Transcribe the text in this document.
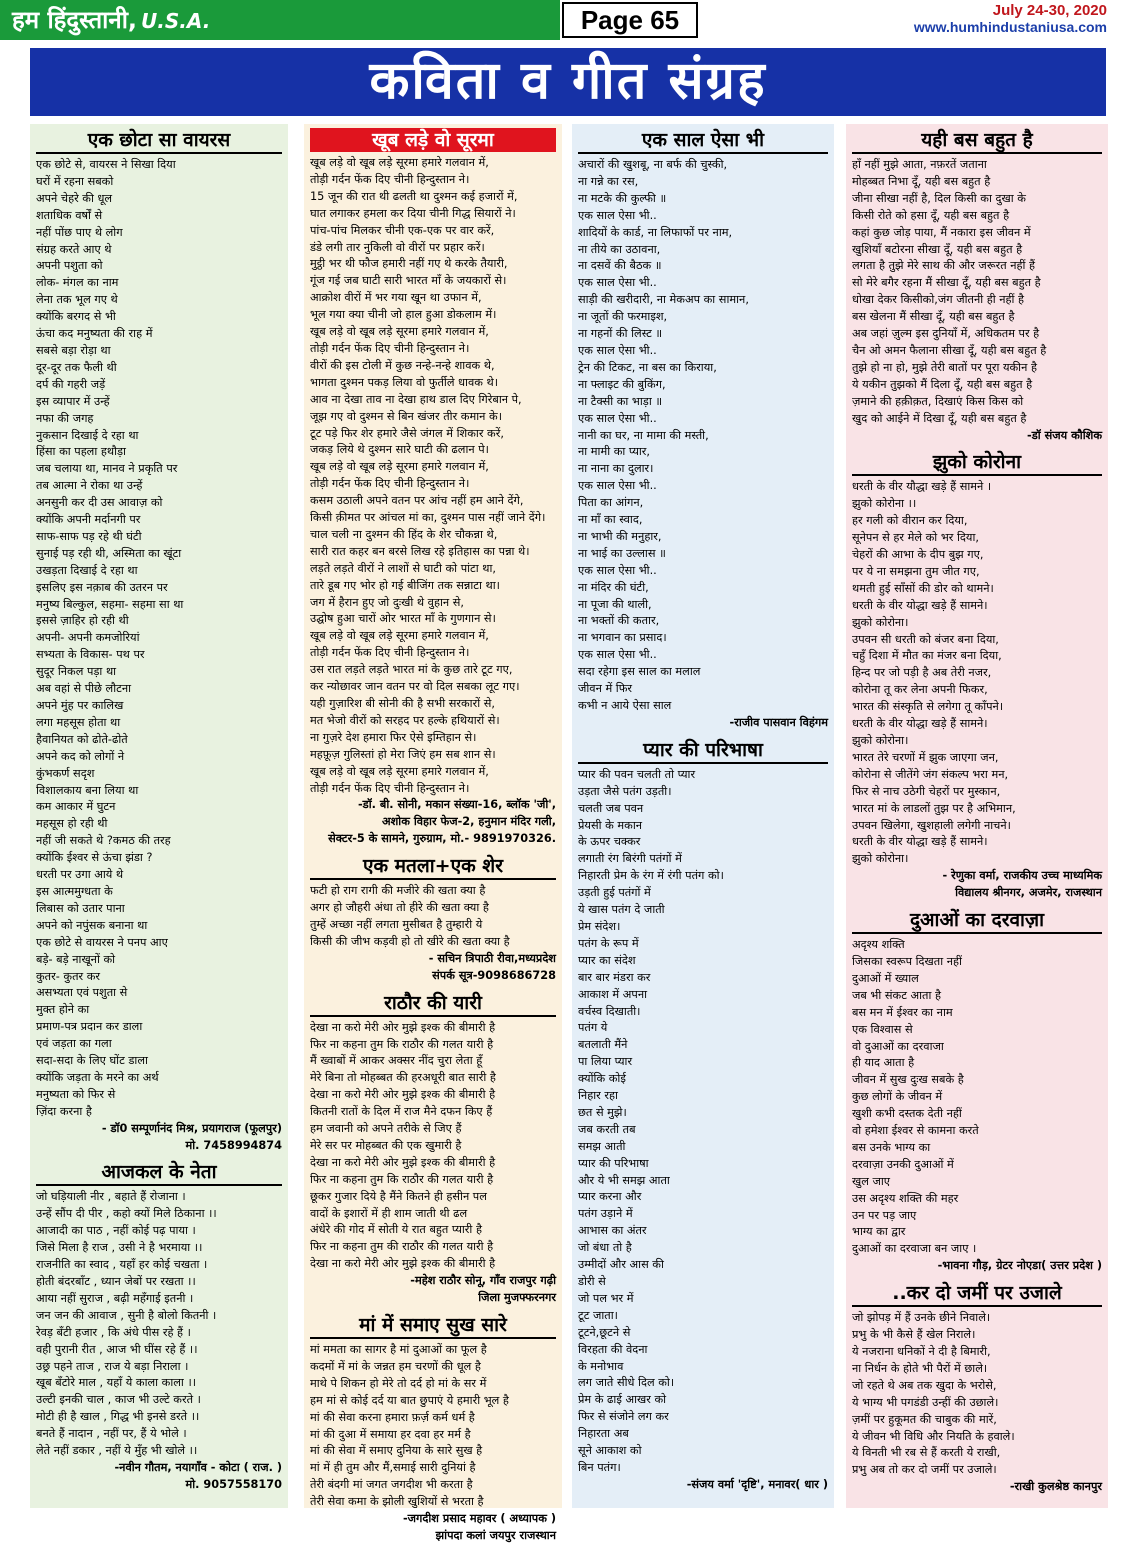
हम हिंदुस्तानी, U.S.A.	Page 65	July 24-30, 2020
www.humhindustaniusa.com
कविता व गीत संग्रह
एक छोटा सा वायरस
एक छोटे से, वायरस ने सिखा दिया
घरों में रहना सबको
अपने चेहरे की धूल
शताधिक वर्षों से
नहीं पोंछ पाए थे लोग
संग्रह करते आए थे
अपनी पशुता को
लोक- मंगल का नाम
लेना तक भूल गए थे
क्योंकि बरगद से भी
ऊंचा कद मनुष्यता की राह में
सबसे बड़ा रोड़ा था
दूर-दूर तक फैली थी
दर्प की गहरी जड़ें
इस व्यापार में उन्हें
नफा की जगह
नुकसान दिखाई दे रहा था
हिंसा का पहला हथौड़ा
जब चलाया था, मानव ने प्रकृति पर
तब आत्मा ने रोका था उन्हें
अनसुनी कर दी उस आवाज़ को
क्योंकि अपनी मर्दानगी पर
साफ-साफ पड़ रहे थी घंटी
सुनाई पड़ रही थी, अस्मिता का खूंटा
उखड़ता दिखाई दे रहा था
इसलिए इस नक़ाब की उतरन पर
मनुष्य बिल्कुल, सहमा- सहमा सा था
इससे ज़ाहिर हो रही थी
अपनी- अपनी कमजोरियां
सभ्यता के विकास- पथ पर
सुदूर निकल पड़ा था
अब वहां से पीछे लौटना
अपने मुंह पर कालिख
लगा महसूस होता था
हैवानियत को ढोते-ढोते
अपने कद को लोगों ने
कुंभकर्ण सदृश
विशालकाय बना लिया था
कम आकार में घुटन
महसूस हो रही थी
नहीं जी सकते थे ?कमठ की तरह
क्योंकि ईश्वर से ऊंचा झंडा ?
धरती पर उगा आये थे
इस आत्ममुग्धता के
लिबास को उतार पाना
अपने को नपुंसक बनाना था
एक छोटे से वायरस ने पनप आए
बड़े- बड़े नाखूनों को
कुतर- कुतर कर
असभ्यता एवं पशुता से
मुक्त होने का
प्रमाण-पत्र प्रदान कर डाला
एवं जड़ता का गला
सदा-सदा के लिए घोंट डाला
क्योंकि जड़ता के मरने का अर्थ
मनुष्यता को फिर से
ज़िंदा करना है
- डॉ0 सम्पूर्णानंद मिश्र, प्रयागराज (फूलपुर)
मो. 7458994874
आजकल के नेता
जो घड़ियाली नीर , बहाते हैं रोजाना ।
उन्हें सौंप दी पीर , कहो क्यों मिले ठिकाना ।।
आजादी का पाठ , नहीं कोई पढ़ पाया ।
जिसे मिला है राज , उसी ने है भरमाया ।।
राजनीति का स्वाद , यहाँ हर कोई चखता ।
होती बंदरबाँट , ध्यान जेबों पर रखता ।।
आया नहीं सुराज , बढ़ी महँगाई इतनी ।
जन जन की आवाज , सुनी है बोलो कितनी ।
रेवड़ बँटी हजार , कि अंधे पीस रहे हैं ।
वही पुरानी रीत , आज भी घींस रहे हैं ।।
उछ्र पहने ताज , राज ये बड़ा निराला ।
खूब बँटोरे माल , यहाँ ये काला काला ।।
उल्टी इनकी चाल , काज भी उल्टे करते ।
मोटी ही है खाल , गिद्ध भी इनसे डरते ।।
बनते हैं नादान , नहीं पर, हैं ये भोले ।
लेते नहीं डकार , नहीं ये मुँह भी खोले ।।
-नवीन गौतम, नयागाँव - कोटा ( राज. )
मो. 9057558170
खूब लड़े वो सूरमा
खूब लड़े वो खूब लड़े सूरमा हमारे गलवान में,
तोड़ी गर्दन फेंक दिए चीनी हिन्दुस्तान ने।
15 जून की रात थी ढलती था दुश्मन कई हजारों में,
घात लगाकर हमला कर दिया चीनी गिद्ध सियारों ने।
पांच-पांच मिलकर चीनी एक-एक पर वार करें,
डंडे लगी तार नुकिली वो वीरों पर प्रहार करें।
मुट्ठी भर थी फौज हमारी नहीं गए थे करके तैयारी,
गूंज गई जब घाटी सारी भारत माँ के जयकारों से।
आक्रोश वीरों में भर गया खून था उफान में,
भूल गया क्या चीनी जो हाल हुआ डोकलाम में।
खूब लड़े वो खूब लड़े सूरमा हमारे गलवान में,
तोड़ी गर्दन फेंक दिए चीनी हिन्दुस्तान ने।
वीरों की इस टोली में कुछ नन्हे-नन्हे शावक थे,
भागता दुश्मन पकड़ लिया वो फुर्तीले धावक थे।
आव ना देखा ताव ना देखा हाथ डाल दिए गिरेबान पे,
जूझ गए वो दुश्मन से बिन खंजर तीर कमान के।
टूट पड़े फिर शेर हमारे जैसे जंगल में शिकार करें,
जकड़ लिये थे दुश्मन सारे घाटी की ढलान पे।
खूब लड़े वो खूब लड़े सूरमा हमारे गलवान में,
तोड़ी गर्दन फेंक दिए चीनी हिन्दुस्तान ने।
कसम उठाली अपने वतन पर आंच नहीं हम आने देंगे,
किसी क़ीमत पर आंचल मां का, दुश्मन पास नहीं जाने देंगे।
चाल चली ना दुश्मन की हिंद के शेर चौकन्ना थे,
सारी रात कहर बन बरसे लिख रहे इतिहास का पन्ना थे।
लड़ते लड़ते वीरों ने लाशों से घाटी को पांटा था,
तारे डूब गए भोर हो गई बीजिंग तक सन्नाटा था।
जग में हैरान हुए जो दुःखी थे वुहान से,
उद्घोष हुआ चारों ओर भारत माँ के गुणगान से।
खूब लड़े वो खूब लड़े सूरमा हमारे गलवान में,
तोड़ी गर्दन फेंक दिए चीनी हिन्दुस्तान ने।
उस रात लड़ते लड़ते भारत मां के कुछ तारे टूट गए,
कर न्योछावर जान वतन पर वो दिल सबका लूट गए।
यही गुज़ारिश बी सोनी की है सभी सरकारों से,
मत भेजो वीरों को सरहद पर हल्के हथियारों से।
ना गुज़रे देश हमारा फिर ऐसे इम्तिहान से।
महफ़ूज़ गुलिस्तां हो मेरा जिएं हम सब शान से।
खूब लड़े वो खूब लड़े सूरमा हमारे गलवान में,
तोड़ी गर्दन फेंक दिए चीनी हिन्दुस्तान ने।
-डॉ. बी. सोनी, मकान संख्या-16, ब्लॉक 'जी',
अशोक विहार फेज-2, हनुमान मंदिर गली,
सेक्टर-5 के सामने, गुरुग्राम, मो.- 9891970326.
एक मतला+एक शेर
फटी हो राग रागी की मजीरे की खता क्या है
अगर हो जौहरी अंधा तो हीरे की खता क्या है
तुम्हें अच्छा नहीं लगता मुसीबत है तुम्हारी ये
किसी की जीभ कड़वी हो तो खीरे की खता क्या है
- सचिन त्रिपाठी रीवा,मध्यप्रदेश
संपर्क सूत्र-9098686728
राठौर की यारी
देखा ना करो मेरी ओर मुझे इश्क की बीमारी है
फिर ना कहना तुम कि राठौर की गलत यारी है
मैं ख्वाबों में आकर अक्सर नींद चुरा लेता हूँ
मेरे बिना तो मोहब्बत की हरअधूरी बात सारी है
देखा ना करो मेरी ओर मुझे इश्क की बीमारी है
कितनी रातों के दिल में राज मैने दफन किए हैं
हम जवानी को अपने तरीके से जिए हैं
मेरे सर पर मोहब्बत की एक खुमारी है
देखा ना करो मेरी ओर मुझे इश्क की बीमारी है
फिर ना कहना तुम कि राठौर की गलत यारी है
छूकर गुजार दिये है मैंने कितने ही हसीन पल
वादों के इशारों में ही शाम जाती थी ढल
अंधेरे की गोद में सोती ये रात बहुत प्यारी है
फिर ना कहना तुम की राठौर की गलत यारी है
देखा ना करो मेरी ओर मुझे इश्क की बीमारी है
-महेश राठौर सोनू, गाँव राजपुर गढ़ी
जिला मुजफ्फरनगर
मां में समाए सुख सारे
मां ममता का सागर है मां दुआओं का फूल है
कदमों में मां के जन्नत हम चरणों की धूल है
माथे पे शिकन हो मेरे तो दर्द हो मां के सर में
हम मां से कोई दर्द या बात छुपाएं ये हमारी भूल है
मां की सेवा करना हमारा फ़र्ज़ कर्म धर्म है
मां की दुआ में समाया हर दवा हर मर्म है
मां की सेवा में समाए दुनिया के सारे सुख है
मां में ही तुम और मैं,समाई सारी दुनियां है
तेरी बंदगी मां जगत जगदीश भी करता है
तेरी सेवा कमा के झोली खुशियों से भरता है
-जगदीश प्रसाद महावर ( अध्यापक )
झांपदा कलां जयपुर राजस्थान
एक साल ऐसा भी
अचारों की खुशबू, ना बर्फ की चुस्की,
ना गन्ने का रस,
ना मटके की कुल्फी ॥
एक साल ऐसा भी..
शादियों के कार्ड, ना लिफाफों पर नाम,
ना तीये का उठावना,
ना दसवें की बैठक ॥
एक साल ऐसा भी..
साड़ी की खरीदारी, ना मेकअप का सामान,
ना जूतों की फरमाइश,
ना गहनों की लिस्ट ॥
एक साल ऐसा भी..
ट्रेन की टिकट, ना बस का किराया,
ना फ्लाइट की बुकिंग,
ना टैक्सी का भाड़ा ॥
एक साल ऐसा भी..
नानी का घर, ना मामा की मस्ती,
ना मामी का प्यार,
ना नाना का दुलार।
एक साल ऐसा भी..
पिता का आंगन,
ना माँ का स्वाद,
ना भाभी की मनुहार,
ना भाई का उल्लास ॥
एक साल ऐसा भी..
ना मंदिर की घंटी,
ना पूजा की थाली,
ना भक्तों की कतार,
ना भगवान का प्रसाद।
एक साल ऐसा भी..
सदा रहेगा इस साल का मलाल
जीवन में फिर
कभी न आये ऐसा साल
-राजीव पासवान विहंगम
प्यार की परिभाषा
प्यार की पवन चलती तो प्यार
उड़ता जैसे पतंग उड़ती।
चलती जब पवन
प्रेयसी के मकान
के ऊपर चक्कर
लगाती रंग बिरंगी पतंगों में
निहारती प्रेम के रंग में रंगी पतंग को।
उड़ती हुई पतंगों में
ये खास पतंग दे जाती
प्रेम संदेश।
पतंग के रूप में
प्यार का संदेश
बार बार मंडरा कर
आकाश में अपना
वर्चस्व दिखाती।
पतंग ये
बतलाती मैंने
पा लिया प्यार
क्योंकि कोई
निहार रहा
छत से मुझे।
जब करती तब
समझ आती
प्यार की परिभाषा
और ये भी समझ आता
प्यार करना और
पतंग उड़ाने में
आभास का अंतर
जो बंधा तो है
उम्मीदों और आस की
डोरी से
जो पल भर में
टूट जाता।
टूटने,छूटने से
विरहता की वेदना
के मनोभाव
लग जाते सीधे दिल को।
प्रेम के ढाई आखर को
फिर से संजोने लग कर
निहारता अब
सूने आकाश को
बिन पतंग।
-संजय वर्मा 'दृष्टि', मनावर( धार )
यही बस बहुत है
हाँ नहीं मुझे आता, नफ़रतें जताना
मोहब्बत निभा दूँ, यही बस बहुत है
जीना सीखा नहीं है, दिल किसी का दुखा के
किसी रोते को हसा दूँ, यही बस बहुत है
कहां कुछ जोड़ पाया, मैं नकारा इस जीवन में
खुशियाँ बटोरना सीखा दूँ, यही बस बहुत है
लगता है तुझे मेरे साथ की और जरूरत नहीं हैं
सो मेरे बगैर रहना मैं सीखा दूँ, यही बस बहुत है
धोखा देकर किसीको,जंग जीतनी ही नहीं है
बस खेलना मैं सीखा दूँ, यही बस बहुत है
अब जहां ज़ुल्म इस दुनियाँ में, अधिकतम पर है
चैन ओ अमन फैलाना सीखा दूँ, यही बस बहुत है
तुझे हो ना हो, मुझे तेरी बातों पर पूरा यकीन है
ये यकीन तुझको मैं दिला दूँ, यही बस बहुत है
ज़माने की हक़ीक़त, दिखाएं किस किस को
खुद को आईने में दिखा दूँ, यही बस बहुत है
-डॉ संजय कौशिक
झुको कोरोना
धरती के वीर यौद्धा खड़े हैं सामने ।
झुको कोरोना ।।
हर गली को वीरान कर दिया,
सूनेपन से हर मेले को भर दिया,
चेहरों की आभा के दीप बुझ गए,
पर ये ना समझना तुम जीत गए,
थमती हुई साँसों की डोर को थामने।
धरती के वीर योद्धा खड़े हैं सामने।
झुको कोरोना।
उपवन सी धरती को बंजर बना दिया,
चहुँ दिशा में मौत का मंजर बना दिया,
हिन्द पर जो पड़ी है अब तेरी नजर,
कोरोना तू कर लेना अपनी फिकर,
भारत की संस्कृति से लगेगा तू काँपने।
धरती के वीर योद्धा खड़े हैं सामने।
झुको कोरोना।
भारत तेरे चरणों में झुक जाएगा जन,
कोरोना से जीतेंगे जंग संकल्प भरा मन,
फिर से नाच उठेगी चेहरों पर मुस्कान,
भारत मां के लाडलों तुझ पर है अभिमान,
उपवन खिलेगा, खुशहाली लगेगी नाचने।
धरती के वीर योद्धा खड़े हैं सामने।
झुको कोरोना।
- रेणुका वर्मा, राजकीय उच्च माध्यमिक
विद्यालय श्रीनगर, अजमेर, राजस्थान
दुआओं का दरवाज़ा
अदृश्य शक्ति
जिसका स्वरूप दिखता नहीं
दुआओं में ख्याल
जब भी संकट आता है
बस मन में ईश्वर का नाम
एक विश्वास से
वो दुआओं का दरवाजा
ही याद आता है
जीवन में सुख दुःख सबके है
कुछ लोगों के जीवन में
खुशी कभी दस्तक देती नहीं
वो हमेशा ईश्वर से कामना करते
बस उनके भाग्य का
दरवाज़ा उनकी दुआओं में
खुल जाए
उस अदृश्य शक्ति की महर
उन पर पड़ जाए
भाग्य का द्वार
दुआओं का दरवाजा बन जाए ।
-भावना गौड़, ग्रेटर नोएडा( उत्तर प्रदेश )
..कर दो जमीं पर उजाले
जो झोपड़ में हैं उनके छीने निवाले।
प्रभु के भी कैसे हैं खेल निराले।
ये नजराना धनिकों ने दी है बिमारी,
ना निर्धन के होते भी पैरों में छाले।
जो रहते थे अब तक खुदा के भरोसे,
ये भाग्य भी पगडंडी उन्हीं की उछाले।
ज़मीं पर हुकूमत की चाबुक की मारें,
ये जीवन भी विधि और नियति के हवाले।
ये विनती भी रब से हैं करती ये राखी,
प्रभु अब तो कर दो जमीं पर उजाले।
-राखी कुलश्रेष्ठ कानपुर
